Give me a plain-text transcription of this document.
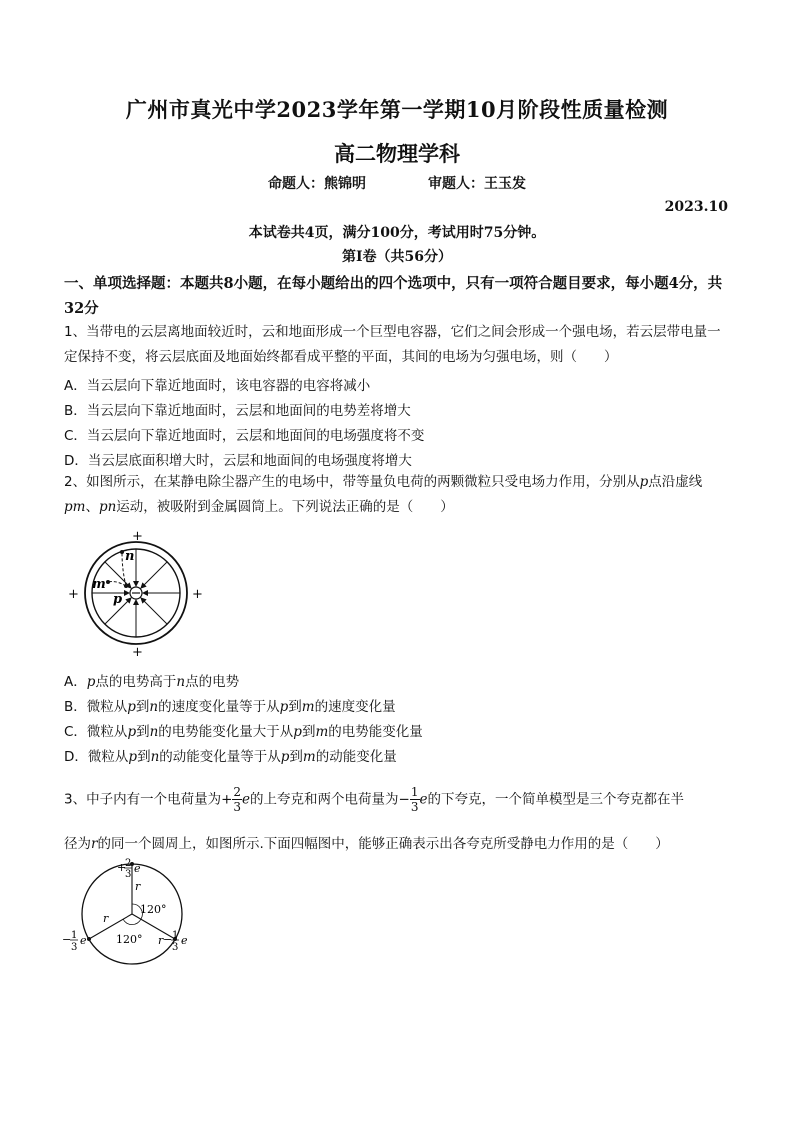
广州市真光中学2023学年第一学期10月阶段性质量检测
高二物理学科
命题人：熊锦明	审题人：王玉发
2023.10
本试卷共4页，满分100分，考试用时75分钟。
第Ⅰ卷（共56分）
一、单项选择题：本题共8小题，在每小题给出的四个选项中，只有一项符合题目要求，每小题4分，共32分
1、当带电的云层离地面较近时，云和地面形成一个巨型电容器，它们之间会形成一个强电场，若云层带电量一定保持不变，将云层底面及地面始终都看成平整的平面，其间的电场为匀强电场，则（　　）
A．当云层向下靠近地面时，该电容器的电容将减小
B．当云层向下靠近地面时，云层和地面间的电势差将增大
C．当云层向下靠近地面时，云层和地面间的电场强度将不变
D．当云层底面积增大时，云层和地面间的电场强度将增大
2、如图所示，在某静电除尘器产生的电场中，带等量负电荷的两颗微粒只受电场力作用，分别从p点沿虚线pm、pn运动，被吸附到金属圆筒上。下列说法正确的是（　　）
n
m
p
+
+
+	+
A．p点的电势高于n点的电势
B．微粒从p到n的速度变化量等于从p到m的速度变化量
C．微粒从p到n的电势能变化量大于从p到m的电势能变化量
D．微粒从p到n的动能变化量等于从p到m的动能变化量
3、中子内有一个电荷量为+ $\frac{2}{3}$ e的上夸克和两个电荷量为− $\frac{1}{3}$ e的下夸克，一个简单模型是三个夸克都在半
径为r的同一个圆周上，如图所示.下面四幅图中，能够正确表示出各夸克所受静电力作用的是（　　）
+
2
3 e
− 1
3
e	− 1
3
e
r
r
r
120°
120°
